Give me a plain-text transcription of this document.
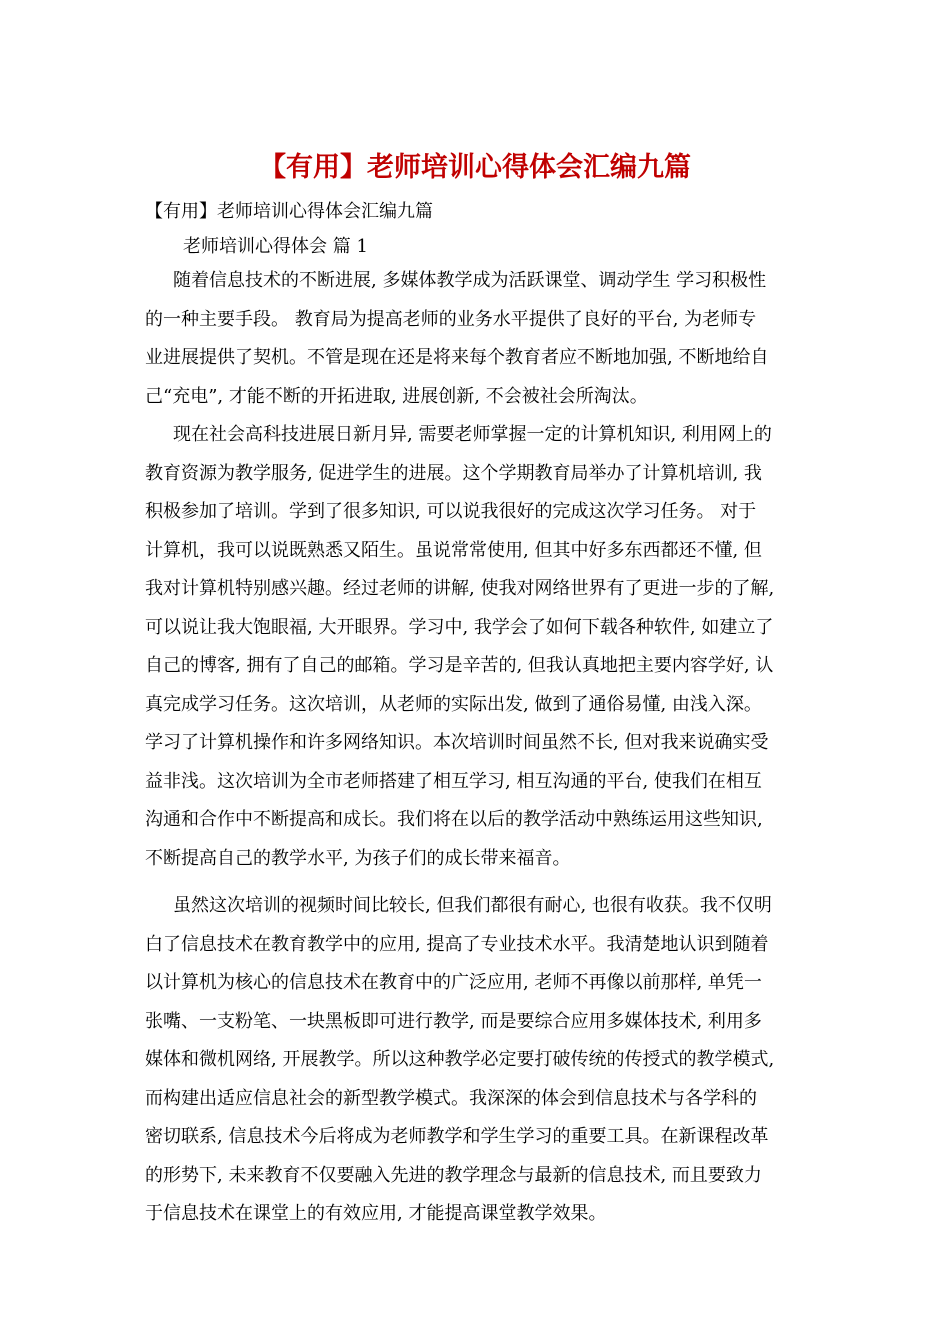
【有用】老师培训心得体会汇编九篇
【有用】老师培训心得体会汇编九篇
老师培训心得体会 篇 1
随着信息技术的不断进展, 多媒体教学成为活跃课堂、调动学生 学习积极性
的一种主要手段。 教育局为提高老师的业务水平提供了良好的平台, 为老师专
业进展提供了契机。不管是现在还是将来每个教育者应不断地加强, 不断地给自
己“充电”, 才能不断的开拓进取, 进展创新, 不会被社会所淘汰。
现在社会高科技进展日新月异, 需要老师掌握一定的计算机知识, 利用网上的
教育资源为教学服务, 促进学生的进展。这个学期教育局举办了计算机培训, 我
积极参加了培训。学到了很多知识, 可以说我很好的完成这次学习任务。 对于
计算机，我可以说既熟悉又陌生。虽说常常使用, 但其中好多东西都还不懂, 但
我对计算机特别感兴趣。经过老师的讲解, 使我对网络世界有了更进一步的了解,
可以说让我大饱眼福, 大开眼界。学习中, 我学会了如何下载各种软件, 如建立了
自己的博客, 拥有了自己的邮箱。学习是辛苦的, 但我认真地把主要内容学好, 认
真完成学习任务。这次培训，从老师的实际出发, 做到了通俗易懂, 由浅入深。
学习了计算机操作和许多网络知识。本次培训时间虽然不长, 但对我来说确实受
益非浅。这次培训为全市老师搭建了相互学习, 相互沟通的平台, 使我们在相互
沟通和合作中不断提高和成长。我们将在以后的教学活动中熟练运用这些知识,
不断提高自己的教学水平, 为孩子们的成长带来福音。
虽然这次培训的视频时间比较长, 但我们都很有耐心, 也很有收获。我不仅明
白了信息技术在教育教学中的应用, 提高了专业技术水平。我清楚地认识到随着
以计算机为核心的信息技术在教育中的广泛应用, 老师不再像以前那样, 单凭一
张嘴、一支粉笔、一块黑板即可进行教学, 而是要综合应用多媒体技术, 利用多
媒体和微机网络, 开展教学。所以这种教学必定要打破传统的传授式的教学模式,
而构建出适应信息社会的新型教学模式。我深深的体会到信息技术与各学科的
密切联系, 信息技术今后将成为老师教学和学生学习的重要工具。在新课程改革
的形势下, 未来教育不仅要融入先进的教学理念与最新的信息技术, 而且要致力
于信息技术在课堂上的有效应用, 才能提高课堂教学效果。
